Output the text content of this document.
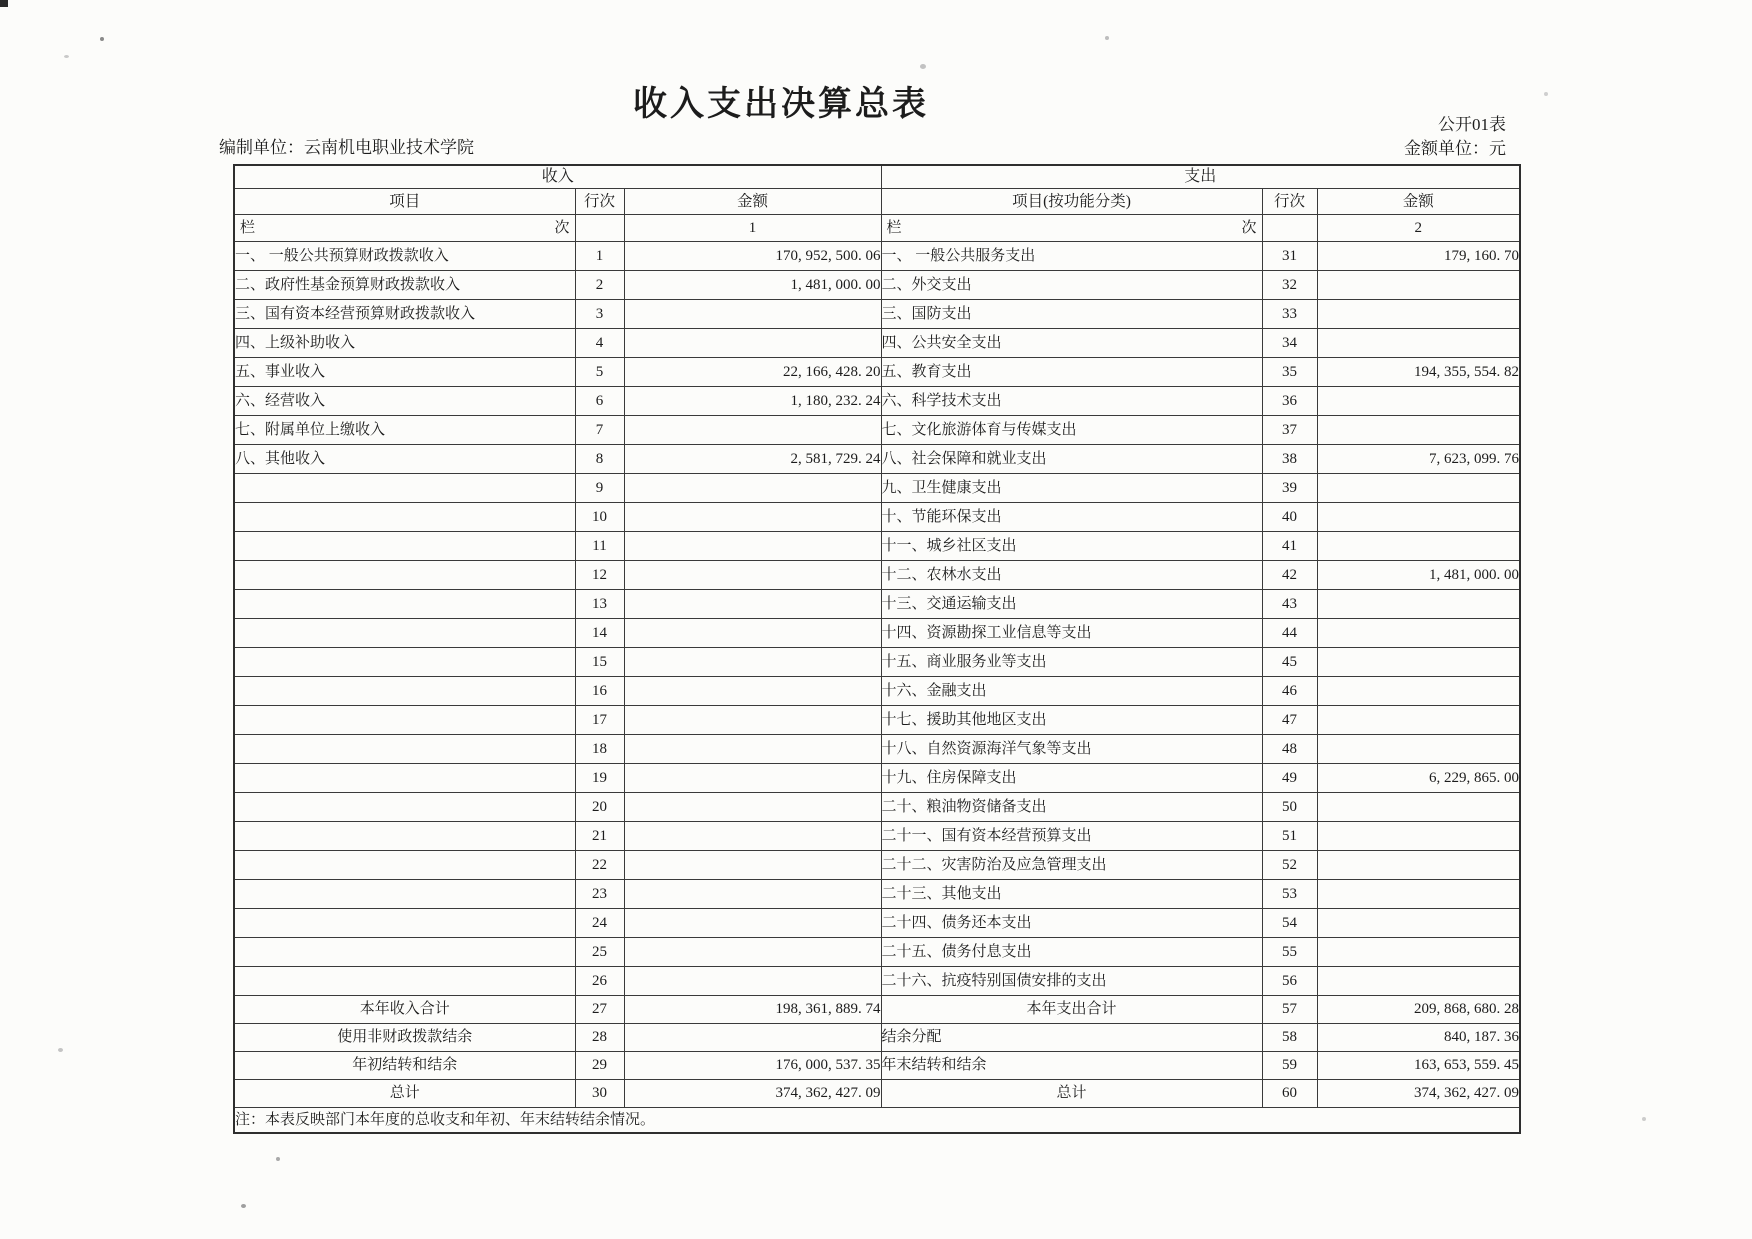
收入支出决算总表
公开01表
编制单位：云南机电职业技术学院	金额单位：元
收入			支出		
项目	行次	金额	项目(按功能分类)	行次	金额

栏 次		1	栏 次		2
一、 一般公共预算财政拨款收入	1	170, 952, 500. 06	一、 一般公共服务支出	31	179, 160. 70
二、政府性基金预算财政拨款收入	2	1, 481, 000. 00	二、外交支出	32	
三、国有资本经营预算财政拨款收入	3		三、国防支出	33	
四、上级补助收入	4		四、公共安全支出	34	
五、事业收入	5	22, 166, 428. 20	五、教育支出	35	194, 355, 554. 82
六、经营收入	6	1, 180, 232. 24	六、科学技术支出	36	
七、附属单位上缴收入	7		七、文化旅游体育与传媒支出	37	
八、其他收入	8	2, 581, 729. 24	八、社会保障和就业支出	38	7, 623, 099. 76
	9		九、卫生健康支出	39	
	10		十、节能环保支出	40	
	11		十一、城乡社区支出	41	
	12		十二、农林水支出	42	1, 481, 000. 00
	13		十三、交通运输支出	43	
	14		十四、资源勘探工业信息等支出	44	
	15		十五、商业服务业等支出	45	
	16		十六、金融支出	46	
	17		十七、援助其他地区支出	47	
	18		十八、自然资源海洋气象等支出	48	
	19		十九、住房保障支出	49	6, 229, 865. 00
	20		二十、粮油物资储备支出	50	
	21		二十一、国有资本经营预算支出	51	
	22		二十二、灾害防治及应急管理支出	52	
	23		二十三、其他支出	53	
	24		二十四、债务还本支出	54	
	25		二十五、债务付息支出	55	
	26		二十六、抗疫特别国债安排的支出	56	
本年收入合计	27	198, 361, 889. 74	本年支出合计	57	209, 868, 680. 28
使用非财政拨款结余	28		结余分配	58	840, 187. 36
年初结转和结余	29	176, 000, 537. 35	年末结转和结余	59	163, 653, 559. 45
总计	30	374, 362, 427. 09	总计	60	374, 362, 427. 09
注：本表反映部门本年度的总收支和年初、年末结转结余情况。					
